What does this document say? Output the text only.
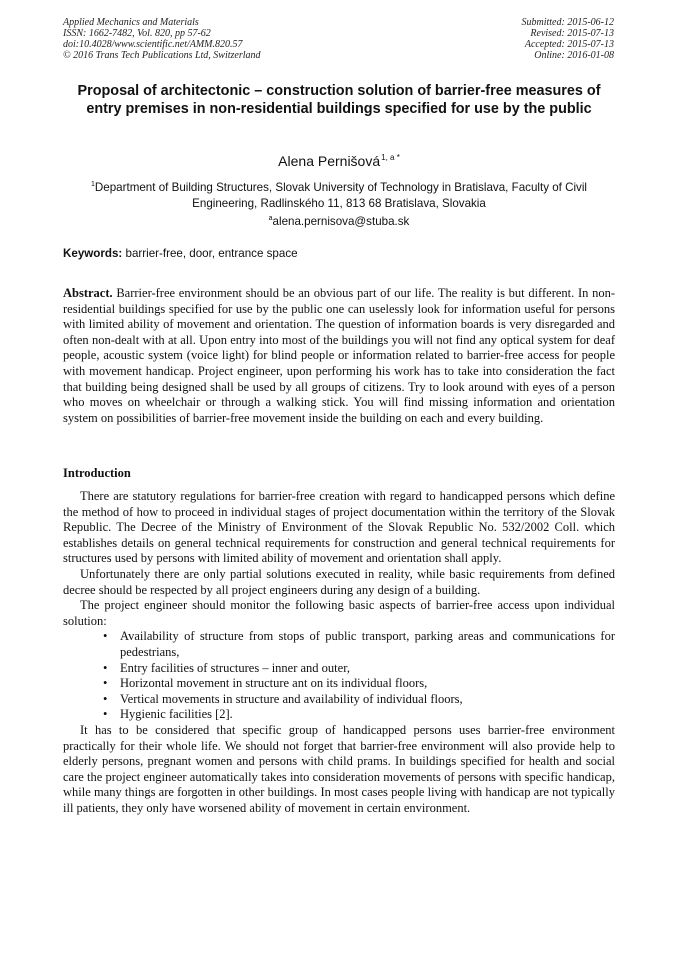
Applied Mechanics and Materials
ISSN: 1662-7482, Vol. 820, pp 57-62
doi:10.4028/www.scientific.net/AMM.820.57
© 2016 Trans Tech Publications Ltd, Switzerland
Submitted: 2015-06-12
Revised: 2015-07-13
Accepted: 2015-07-13
Online: 2016-01-08
Proposal of architectonic – construction solution of barrier-free measures of entry premises in non-residential buildings specified for use by the public
Alena Pernišová$^{1, a *}$
$^1$Department of Building Structures, Slovak University of Technology in Bratislava, Faculty of Civil Engineering, Radlinského 11, 813 68 Bratislava, Slovakia
$^a$alena.pernisova@stuba.sk
Keywords: barrier-free, door, entrance space
Abstract. Barrier-free environment should be an obvious part of our life. The reality is but different. In non-residential buildings specified for use by the public one can uselessly look for information useful for persons with limited ability of movement and orientation. The question of information boards is very disregarded and often non-dealt with at all. Upon entry into most of the buildings you will not find any optical system for deaf people, acoustic system (voice light) for blind people or information related to barrier-free access for people with movement handicap. Project engineer, upon performing his work has to take into consideration the fact that building being designed shall be used by all groups of citizens. Try to look around with eyes of a person who moves on wheelchair or through a walking stick. You will find missing information and orientation system on possibilities of barrier-free movement inside the building on each and every building.
Introduction

There are statutory regulations for barrier-free creation with regard to handicapped persons which define the method of how to proceed in individual stages of project documentation within the territory of the Slovak Republic. The Decree of the Ministry of Environment of the Slovak Republic No. 532/2002 Coll. which establishes details on general technical requirements for construction and general technical requirements for structures used by persons with limited ability of movement and orientation shall apply.

Unfortunately there are only partial solutions executed in reality, while basic requirements from defined decree should be respected by all project engineers during any design of a building.

The project engineer should monitor the following basic aspects of barrier-free access upon individual solution:

• Availability of structure from stops of public transport, parking areas and communications for pedestrians,
• Entry facilities of structures – inner and outer,
• Horizontal movement in structure ant on its individual floors,
• Vertical movements in structure and availability of individual floors,
• Hygienic facilities [2].

It has to be considered that specific group of handicapped persons uses barrier-free environment practically for their whole life. We should not forget that barrier-free environment will also provide help to elderly persons, pregnant women and persons with child prams. In buildings specified for health and social care the project engineer automatically takes into consideration movements of persons with specific handicap, while many things are forgotten in other buildings. In most cases people living with handicap are not typically ill patients, they only have worsened ability of movement in certain environment.
